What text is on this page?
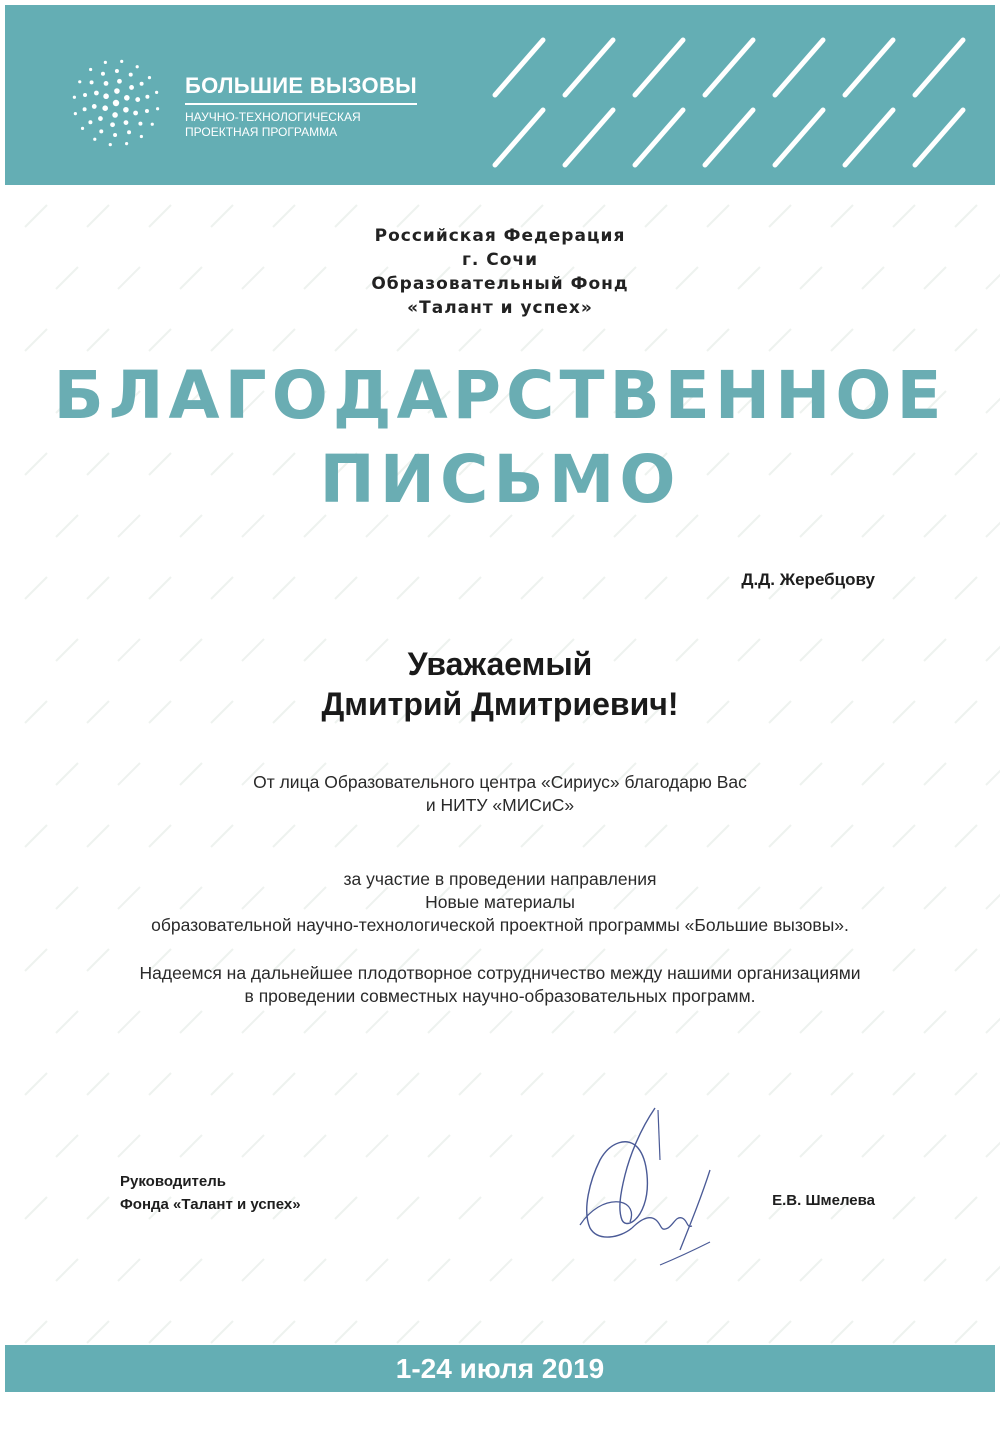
БОЛЬШИЕ ВЫЗОВЫ
НАУЧНО-ТЕХНОЛОГИЧЕСКАЯ
ПРОЕКТНАЯ ПРОГРАММА
Российская Федерация
г. Сочи
Образовательный Фонд
«Талант и успех»
БЛАГОДАРСТВЕННОЕ
ПИСЬМО
Д.Д. Жеребцову
Уважаемый
Дмитрий Дмитриевич!
От лица Образовательного центра «Сириус» благодарю Вас
и НИТУ «МИСиС»
за участие в проведении направления
Новые материалы
образовательной научно-технологической проектной программы «Большие вызовы».
Надеемся на дальнейшее плодотворное сотрудничество между нашими организациями
в проведении совместных научно-образовательных программ.
Руководитель
Фонда «Талант и успех»	Е.В. Шмелева
1-24 июля 2019
